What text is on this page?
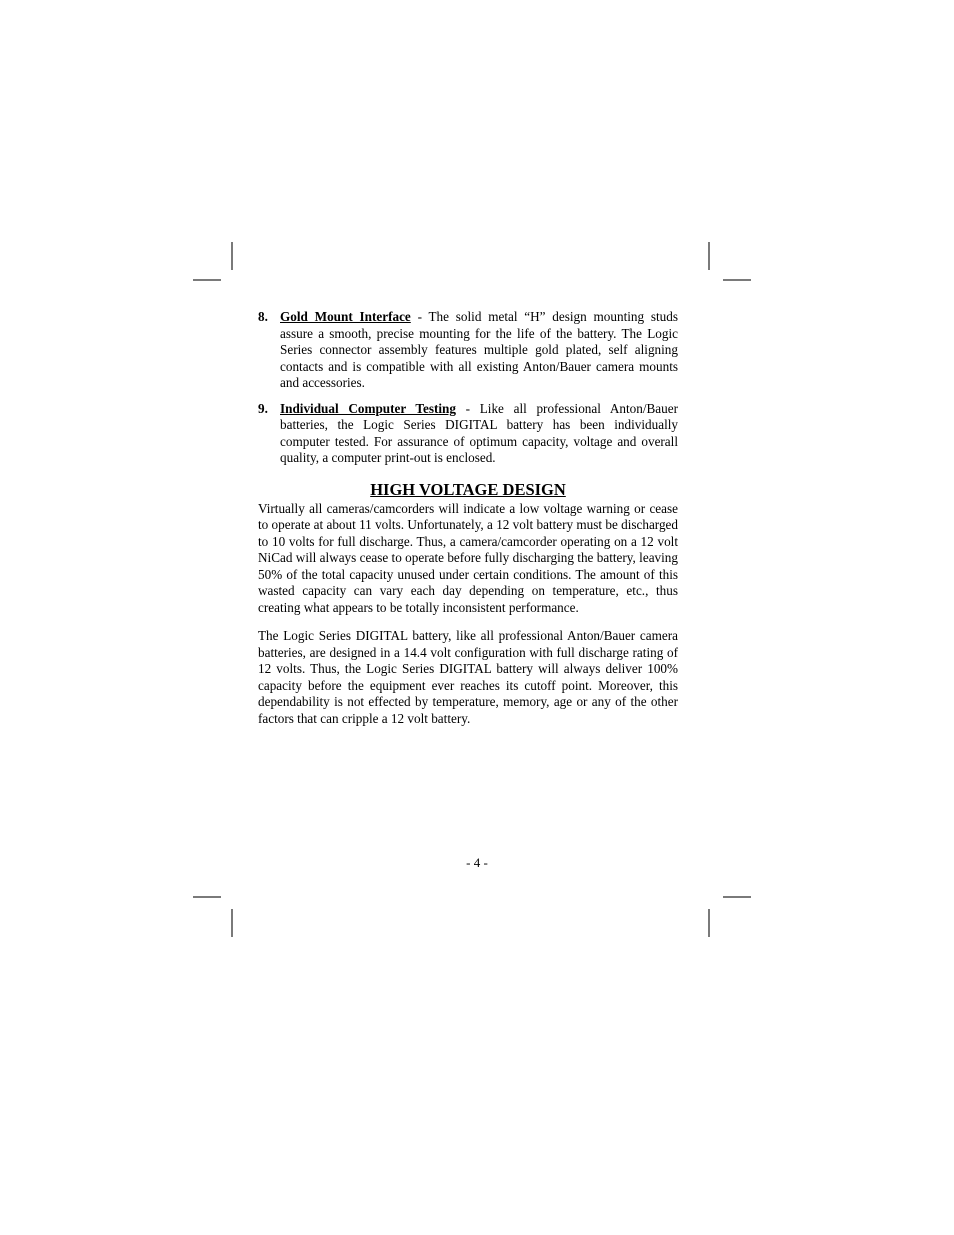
8. Gold Mount Interface - The solid metal “H” design mounting studs assure a smooth, precise mounting for the life of the battery. The Logic Series connector assembly features multiple gold plated, self aligning contacts and is compatible with all existing Anton/Bauer camera mounts and accessories.
9. Individual Computer Testing - Like all professional Anton/Bauer batteries, the Logic Series DIGITAL battery has been individually computer tested. For assurance of optimum capacity, voltage and overall quality, a computer print-out is enclosed.
HIGH VOLTAGE DESIGN

Virtually all cameras/camcorders will indicate a low voltage warning or cease to operate at about 11 volts. Unfortunately, a 12 volt battery must be discharged to 10 volts for full discharge. Thus, a camera/camcorder operating on a 12 volt NiCad will always cease to operate before fully discharging the battery, leaving 50% of the total capacity unused under certain conditions. The amount of this wasted capacity can vary each day depending on temperature, etc., thus creating what appears to be totally inconsistent performance.

The Logic Series DIGITAL battery, like all professional Anton/Bauer camera batteries, are designed in a 14.4 volt configuration with full discharge rating of 12 volts. Thus, the Logic Series DIGITAL battery will always deliver 100% capacity before the equipment ever reaches its cutoff point. Moreover, this dependability is not effected by temperature, memory, age or any of the other factors that can cripple a 12 volt battery.

- 4 -
